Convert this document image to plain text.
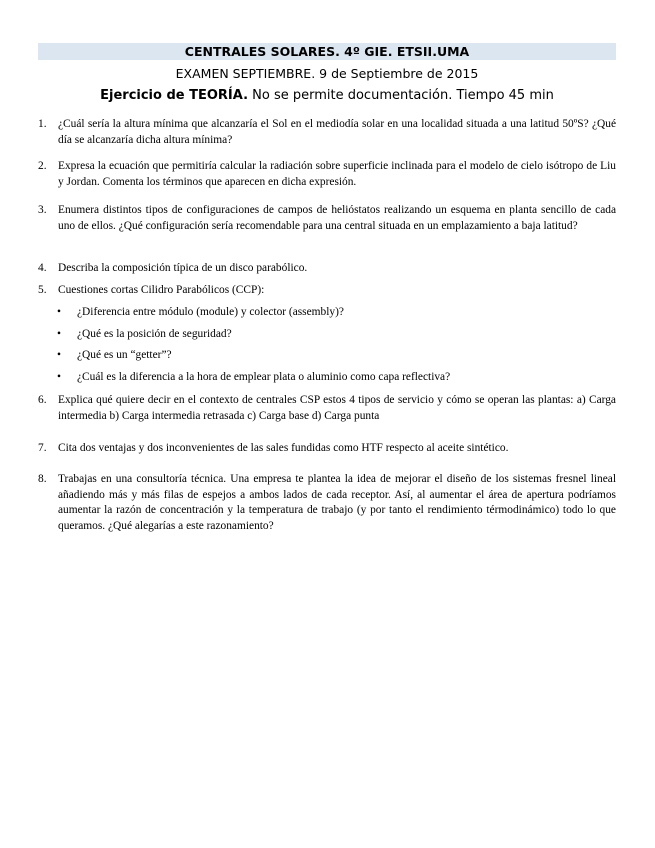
CENTRALES SOLARES. 4º GIE. ETSII.UMA
EXAMEN SEPTIEMBRE. 9 de Septiembre de 2015
Ejercicio de TEORÍA. No se permite documentación. Tiempo 45 min
1.	¿Cuál sería la altura mínima que alcanzaría el Sol en el mediodía solar en una localidad situada a una latitud 50ºS? ¿Qué día se alcanzaría dicha altura mínima?
2.	Expresa la ecuación que permitiría calcular la radiación sobre superficie inclinada para el modelo de cielo isótropo de Liu y Jordan. Comenta los términos que aparecen en dicha expresión.
3.	Enumera distintos tipos de configuraciones de campos de helióstatos realizando un esquema en planta sencillo de cada uno de ellos. ¿Qué configuración sería recomendable para una central situada en un emplazamiento a baja latitud?
4.	Describa la composición típica de un disco parabólico.
5.	Cuestiones cortas Cilidro Parabólicos (CCP):
•	¿Diferencia entre módulo (module) y colector (assembly)?
•	¿Qué es la posición de seguridad?
•	¿Qué es un “getter”?
•	¿Cuál es la diferencia a la hora de emplear plata o aluminio como capa reflectiva?
6.	Explica qué quiere decir en el contexto de centrales CSP estos 4 tipos de servicio y cómo se operan las plantas: a) Carga intermedia b) Carga intermedia retrasada c) Carga base d) Carga punta
7.	Cita dos ventajas y dos inconvenientes de las sales fundidas como HTF respecto al aceite sintético.
8.	Trabajas en una consultoría técnica. Una empresa te plantea la idea de mejorar el diseño de los sistemas fresnel lineal añadiendo más y más filas de espejos a ambos lados de cada receptor. Así, al aumentar el área de apertura podríamos aumentar la razón de concentración y la temperatura de trabajo (y por tanto el rendimiento térmodinámico) todo lo que queramos. ¿Qué alegarías a este razonamiento?
